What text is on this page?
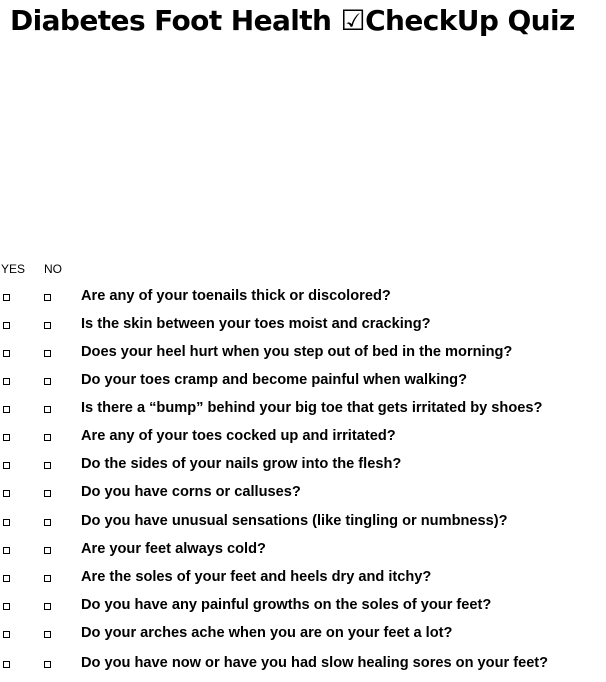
Diabetes Foot Health ☑CheckUp Quiz
YES NO
Are any of your toenails thick or discolored?
Is the skin between your toes moist and cracking?
Does your heel hurt when you step out of bed in the morning?
Do your toes cramp and become painful when walking?
Is there a “bump” behind your big toe that gets irritated by shoes?
Are any of your toes cocked up and irritated?
Do the sides of your nails grow into the flesh?
Do you have corns or calluses?
Do you have unusual sensations (like tingling or numbness)?
Are your feet always cold?
Are the soles of your feet and heels dry and itchy?
Do you have any painful growths on the soles of your feet?
Do your arches ache when you are on your feet a lot?
Do you have now or have you had slow healing sores on your feet?
